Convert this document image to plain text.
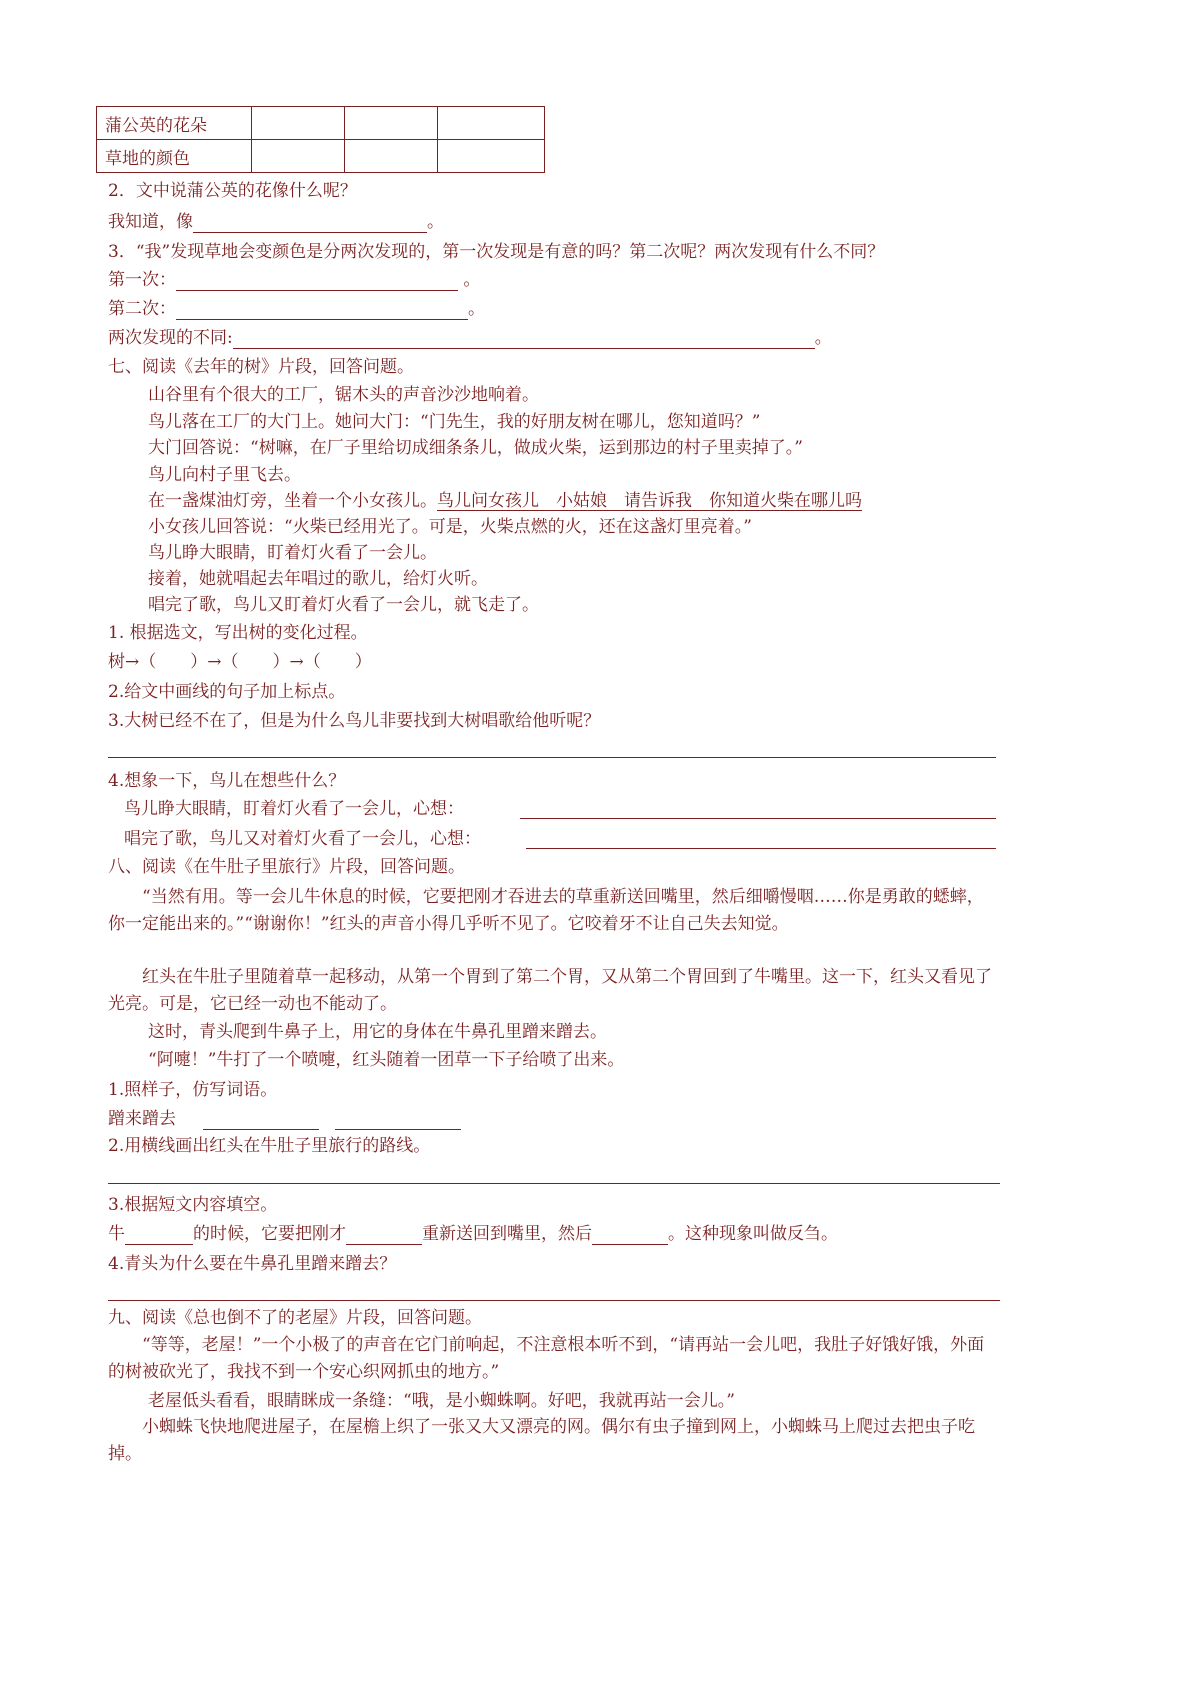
蒲公英的花朵			
草地的颜色			
2．文中说蒲公英的花像什么呢？
我知道，像	。
3．“我”发现草地会变颜色是分两次发现的，第一次发现是有意的吗？第二次呢？两次发现有什么不同？
第一次：	。
第二次：	。
两次发现的不同:	。
七、阅读《去年的树》片段，回答问题。
山谷里有个很大的工厂，锯木头的声音沙沙地响着。
鸟儿落在工厂的大门上。她问大门：“门先生，我的好朋友树在哪儿，您知道吗？”
大门回答说：“树嘛，在厂子里给切成细条条儿，做成火柴，运到那边的村子里卖掉了。”
鸟儿向村子里飞去。
在一盏煤油灯旁，坐着一个小女孩儿。鸟儿问女孩儿　小姑娘　请告诉我　你知道火柴在哪儿吗
小女孩儿回答说：“火柴已经用光了。可是，火柴点燃的火，还在这盏灯里亮着。”
鸟儿睁大眼睛，盯着灯火看了一会儿。
接着，她就唱起去年唱过的歌儿，给灯火听。
唱完了歌，鸟儿又盯着灯火看了一会儿，就飞走了。
1. 根据选文，写出树的变化过程。
树→（　　）→（　　）→（　　）
2.给文中画线的句子加上标点。
3.大树已经不在了，但是为什么鸟儿非要找到大树唱歌给他听呢？
4.想象一下，鸟儿在想些什么？
鸟儿睁大眼睛，盯着灯火看了一会儿，心想：
唱完了歌，鸟儿又对着灯火看了一会儿，心想：
八、阅读《在牛肚子里旅行》片段，回答问题。
“当然有用。等一会儿牛休息的时候，它要把刚才吞进去的草重新送回嘴里，然后细嚼慢咽……你是勇敢的蟋蟀，你一定能出来的。”“谢谢你！”红头的声音小得几乎听不见了。它咬着牙不让自己失去知觉。
红头在牛肚子里随着草一起移动，从第一个胃到了第二个胃，又从第二个胃回到了牛嘴里。这一下，红头又看见了光亮。可是，它已经一动也不能动了。
这时，青头爬到牛鼻子上，用它的身体在牛鼻孔里蹭来蹭去。
“阿嚏！”牛打了一个喷嚏，红头随着一团草一下子给喷了出来。
1.照样子，仿写词语。
蹭来蹭去
2.用横线画出红头在牛肚子里旅行的路线。
3.根据短文内容填空。
牛	的时候，它要把刚才	重新送回到嘴里，然后	。这种现象叫做反刍。
4.青头为什么要在牛鼻孔里蹭来蹭去？
九、阅读《总也倒不了的老屋》片段，回答问题。
“等等，老屋！”一个小极了的声音在它门前响起，不注意根本听不到，“请再站一会儿吧，我肚子好饿好饿，外面的树被砍光了，我找不到一个安心织网抓虫的地方。”
老屋低头看看，眼睛眯成一条缝：“哦，是小蜘蛛啊。好吧，我就再站一会儿。”
小蜘蛛飞快地爬进屋子，在屋檐上织了一张又大又漂亮的网。偶尔有虫子撞到网上，小蜘蛛马上爬过去把虫子吃掉。
